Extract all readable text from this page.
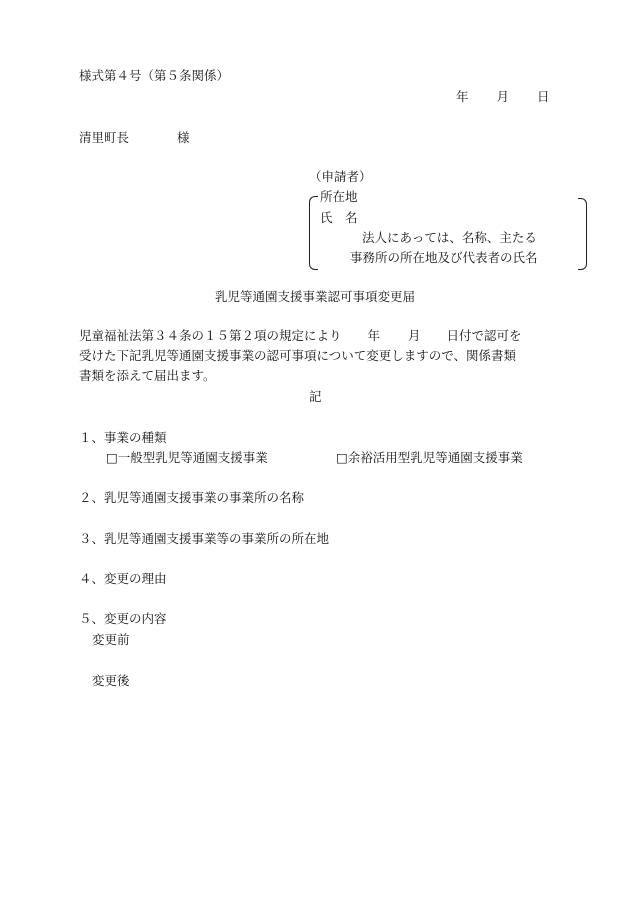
様式第４号（第５条関係）
年 月 日
清里町長	様
（申請者）
所在地
氏　名
法人にあっては、名称、主たる
事務所の所在地及び代表者の氏名
乳児等通園支援事業認可事項変更届
児童福祉法第３４条の１５第２項の規定により 年 月 日付で認可を
受けた下記乳児等通園支援事業の認可事項について変更しますので、関係書類
書類を添えて届出ます。
記
１、事業の種類
□一般型乳児等通園支援事業	□余裕活用型乳児等通園支援事業
２、乳児等通園支援事業の事業所の名称
３、乳児等通園支援事業等の事業所の所在地
４、変更の理由
５、変更の内容
変更前
変更後
